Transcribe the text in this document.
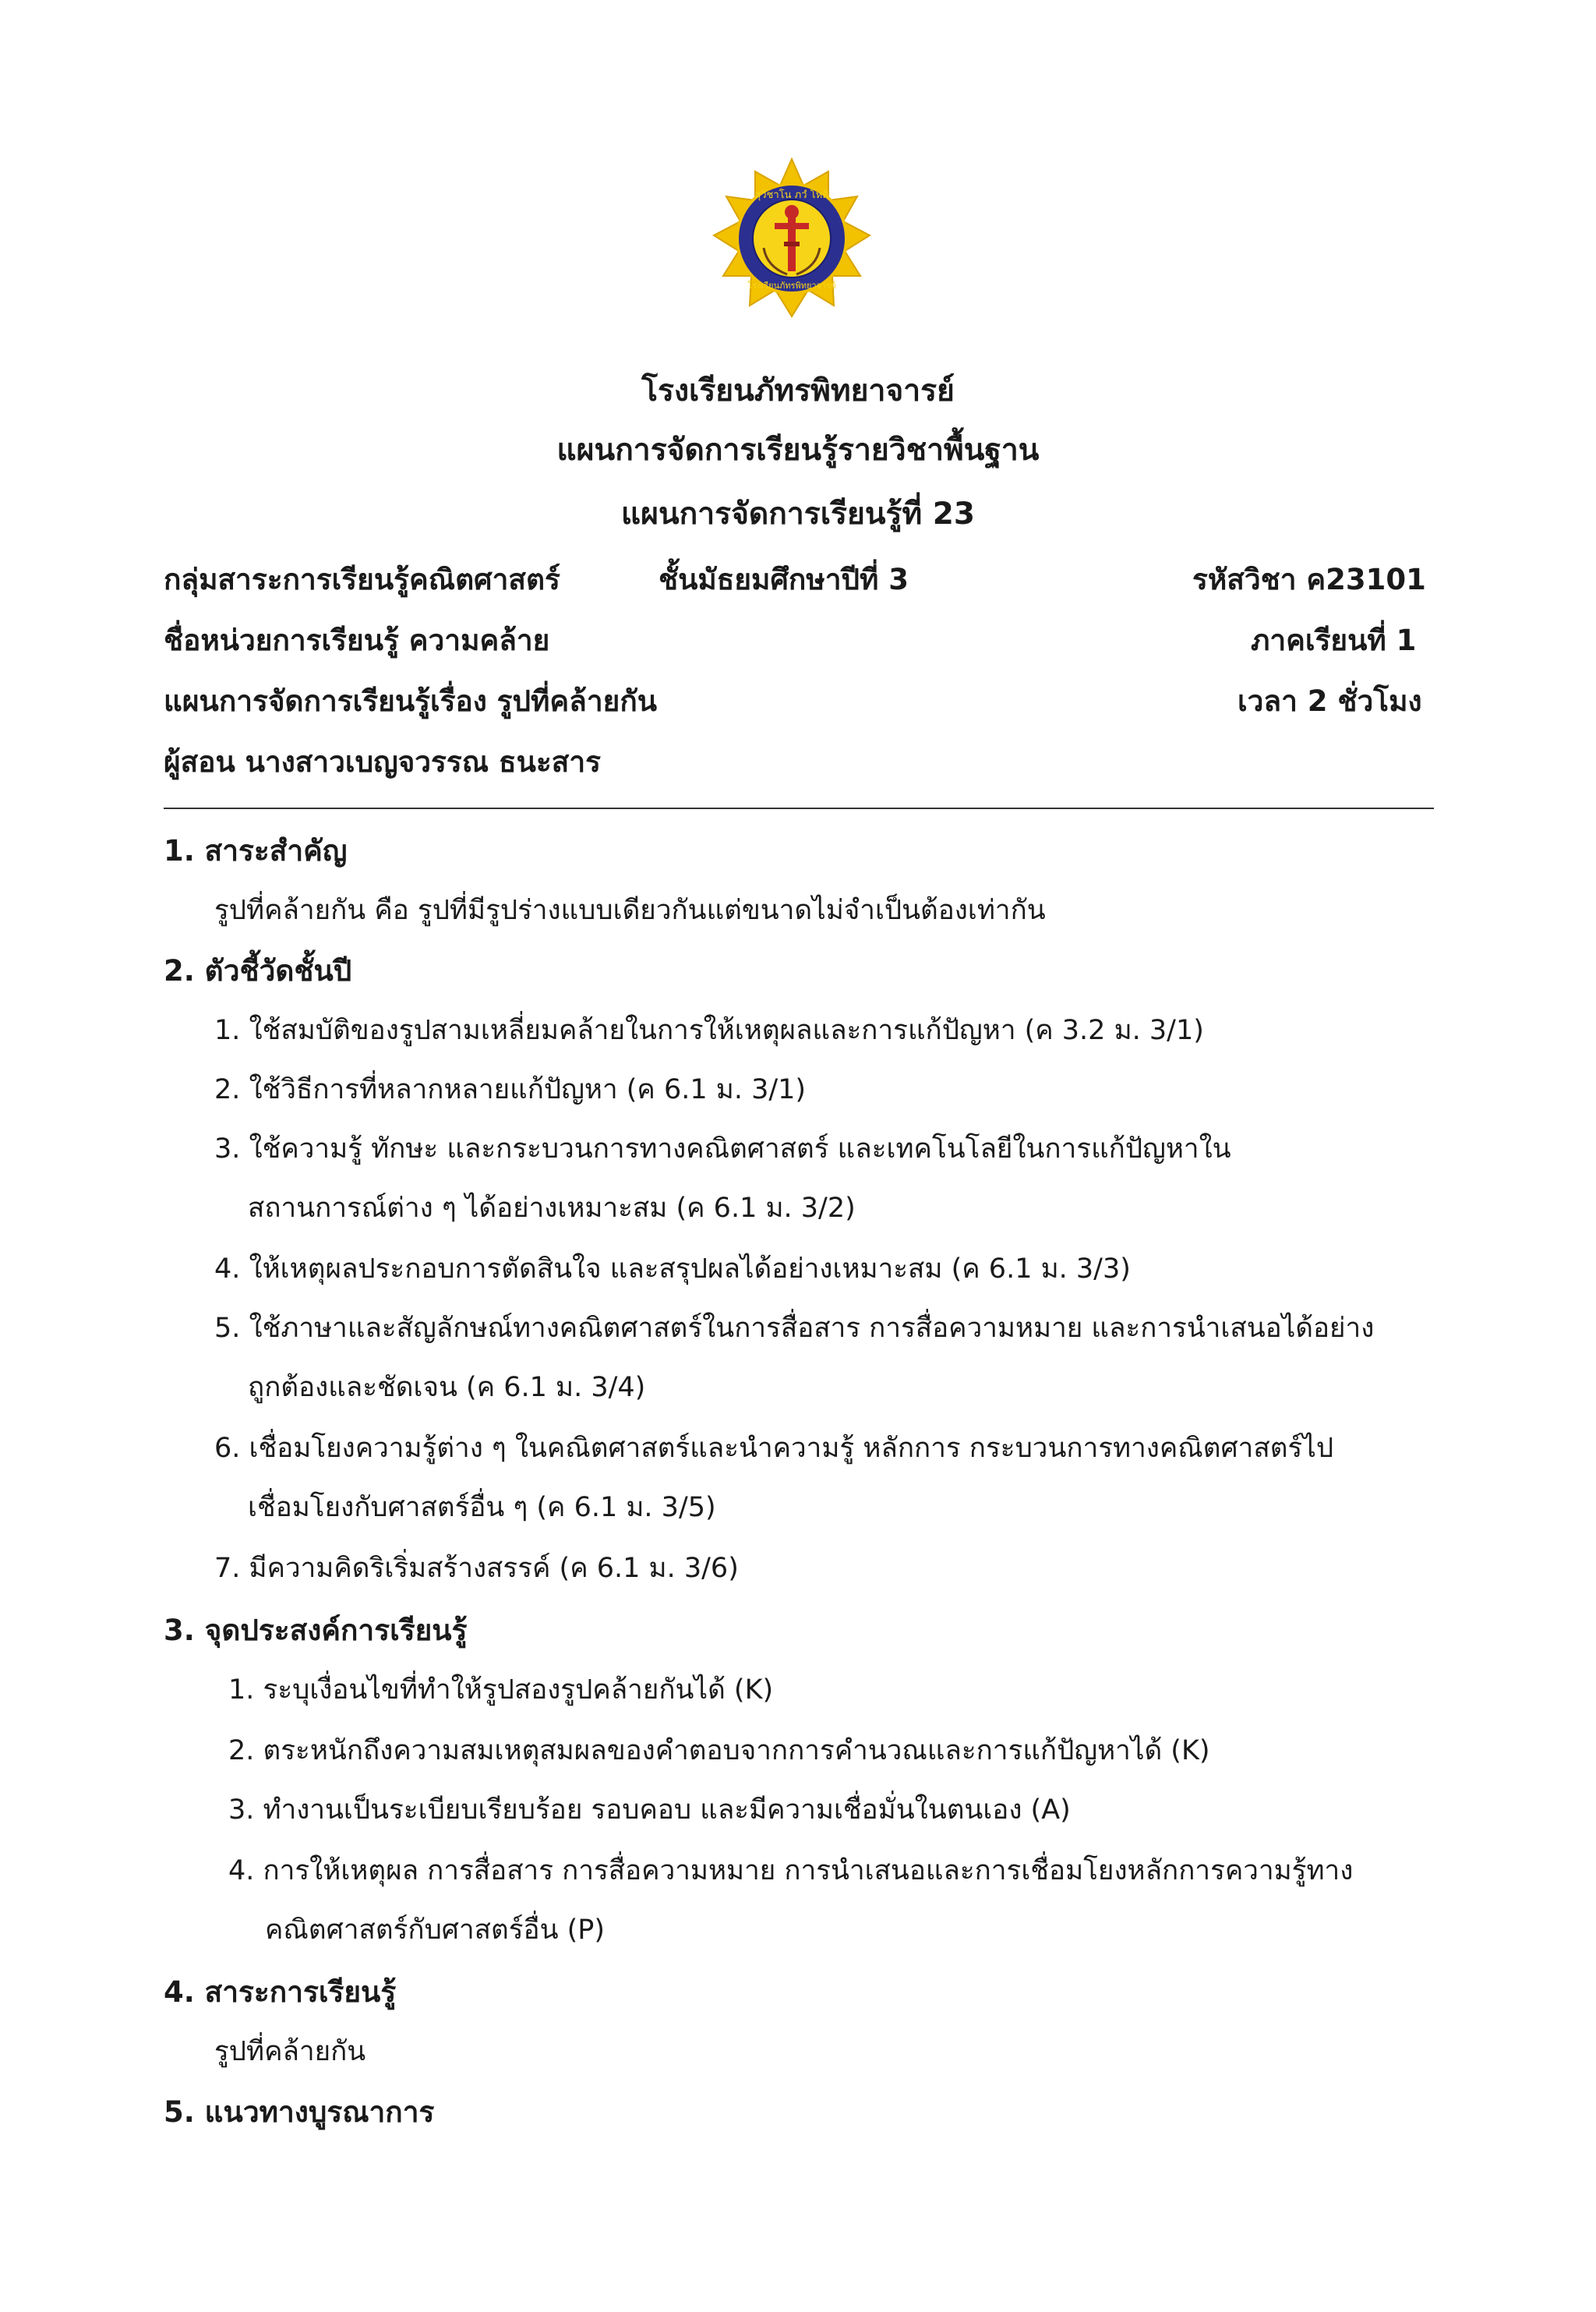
สุวิชาโน ภวํ โหติ
โรงเรียนภัทรพิทยาจารย์
โรงเรียนภัทรพิทยาจารย์
แผนการจัดการเรียนรู้รายวิชาพื้นฐาน
แผนการจัดการเรียนรู้ที่ 23
กลุ่มสาระการเรียนรู้คณิตศาสตร์	ชั้นมัธยมศึกษาปีที่ 3	รหัสวิชา ค23101
ชื่อหน่วยการเรียนรู้ ความคล้าย	ภาคเรียนที่ 1
แผนการจัดการเรียนรู้เรื่อง รูปที่คล้ายกัน	เวลา 2 ชั่วโมง
ผู้สอน นางสาวเบญจวรรณ ธนะสาร
1. สาระสำคัญ
รูปที่คล้ายกัน คือ รูปที่มีรูปร่างแบบเดียวกันแต่ขนาดไม่จำเป็นต้องเท่ากัน
2. ตัวชี้วัดชั้นปี
1. ใช้สมบัติของรูปสามเหลี่ยมคล้ายในการให้เหตุผลและการแก้ปัญหา (ค 3.2 ม. 3/1)
2. ใช้วิธีการที่หลากหลายแก้ปัญหา (ค 6.1 ม. 3/1)
3. ใช้ความรู้ ทักษะ และกระบวนการทางคณิตศาสตร์ และเทคโนโลยีในการแก้ปัญหาใน
สถานการณ์ต่าง ๆ ได้อย่างเหมาะสม (ค 6.1 ม. 3/2)
4. ให้เหตุผลประกอบการตัดสินใจ และสรุปผลได้อย่างเหมาะสม (ค 6.1 ม. 3/3)
5. ใช้ภาษาและสัญลักษณ์ทางคณิตศาสตร์ในการสื่อสาร การสื่อความหมาย และการนำเสนอได้อย่าง
ถูกต้องและชัดเจน (ค 6.1 ม. 3/4)
6. เชื่อมโยงความรู้ต่าง ๆ ในคณิตศาสตร์และนำความรู้ หลักการ กระบวนการทางคณิตศาสตร์ไป
เชื่อมโยงกับศาสตร์อื่น ๆ (ค 6.1 ม. 3/5)
7. มีความคิดริเริ่มสร้างสรรค์ (ค 6.1 ม. 3/6)
3. จุดประสงค์การเรียนรู้
1. ระบุเงื่อนไขที่ทำให้รูปสองรูปคล้ายกันได้ (K)
2. ตระหนักถึงความสมเหตุสมผลของคำตอบจากการคำนวณและการแก้ปัญหาได้ (K)
3. ทำงานเป็นระเบียบเรียบร้อย รอบคอบ และมีความเชื่อมั่นในตนเอง (A)
4. การให้เหตุผล การสื่อสาร การสื่อความหมาย การนำเสนอและการเชื่อมโยงหลักการความรู้ทาง
คณิตศาสตร์กับศาสตร์อื่น (P)
4. สาระการเรียนรู้
รูปที่คล้ายกัน
5. แนวทางบูรณาการ
